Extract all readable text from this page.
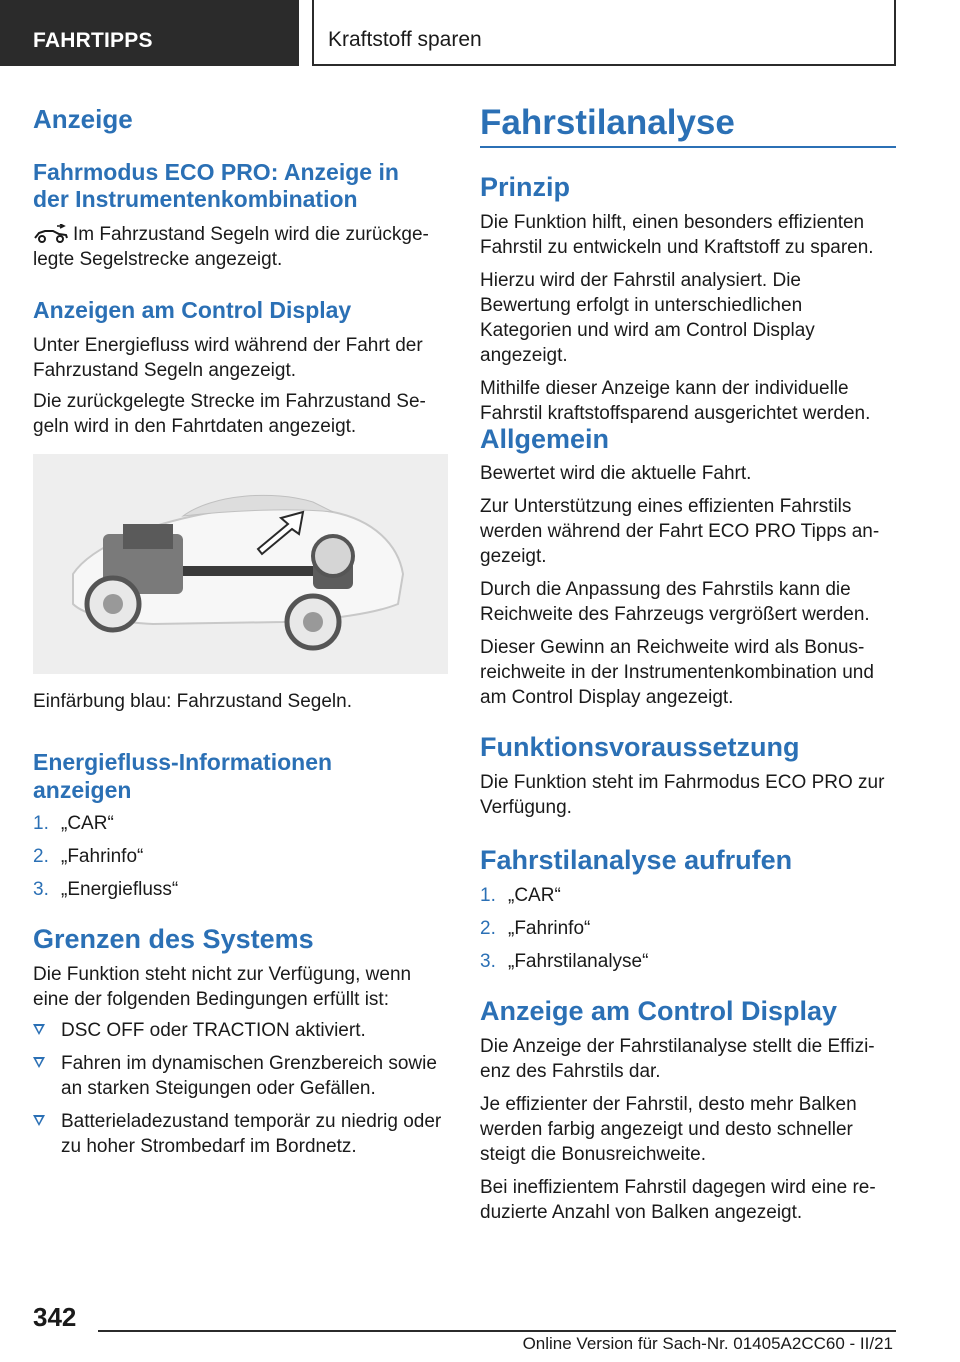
FAHRTIPPS	Kraftstoff sparen
Anzeige
Fahrmodus ECO PRO: Anzeige in der Instrumentenkombination

Im Fahrzustand Segeln wird die zurückge-legte Segelstrecke angezeigt.

Anzeigen am Control Display

Unter Energiefluss wird während der Fahrt der Fahrzustand Segeln angezeigt.

Die zurückgelegte Strecke im Fahrzustand Se-geln wird in den Fahrtdaten angezeigt.

Einfärbung blau: Fahrzustand Segeln.

Energiefluss-Informationen anzeigen
1. „CAR“
2. „Fahrinfo“
3. „Energiefluss“
Grenzen des Systems

Die Funktion steht nicht zur Verfügung, wenn eine der folgenden Bedingungen erfüllt ist:

DSC OFF oder TRACTION aktiviert.
Fahren im dynamischen Grenzbereich sowie an starken Steigungen oder Gefällen.
Batterieladezustand temporär zu niedrig oder zu hoher Strombedarf im Bordnetz.
Fahrstilanalyse
Prinzip

Die Funktion hilft, einen besonders effizienten Fahrstil zu entwickeln und Kraftstoff zu sparen.

Hierzu wird der Fahrstil analysiert. Die Bewertung erfolgt in unterschiedlichen Kategorien und wird am Control Display angezeigt.

Mithilfe dieser Anzeige kann der individuelle Fahrstil kraftstoffsparend ausgerichtet werden.

Allgemein

Bewertet wird die aktuelle Fahrt.

Zur Unterstützung eines effizienten Fahrstils werden während der Fahrt ECO PRO Tipps an-gezeigt.

Durch die Anpassung des Fahrstils kann die Reichweite des Fahrzeugs vergrößert werden.

Dieser Gewinn an Reichweite wird als Bonus-reichweite in der Instrumentenkombination und am Control Display angezeigt.

Funktionsvoraussetzung

Die Funktion steht im Fahrmodus ECO PRO zur Verfügung.

Fahrstilanalyse aufrufen
1. „CAR“
2. „Fahrinfo“
3. „Fahrstilanalyse“
Anzeige am Control Display

Die Anzeige der Fahrstilanalyse stellt die Effizi-enz des Fahrstils dar.

Je effizienter der Fahrstil, desto mehr Balken werden farbig angezeigt und desto schneller steigt die Bonusreichweite.

Bei ineffizientem Fahrstil dagegen wird eine re-duzierte Anzahl von Balken angezeigt.

342
Online Version für Sach-Nr. 01405A2CC60 - II/21
